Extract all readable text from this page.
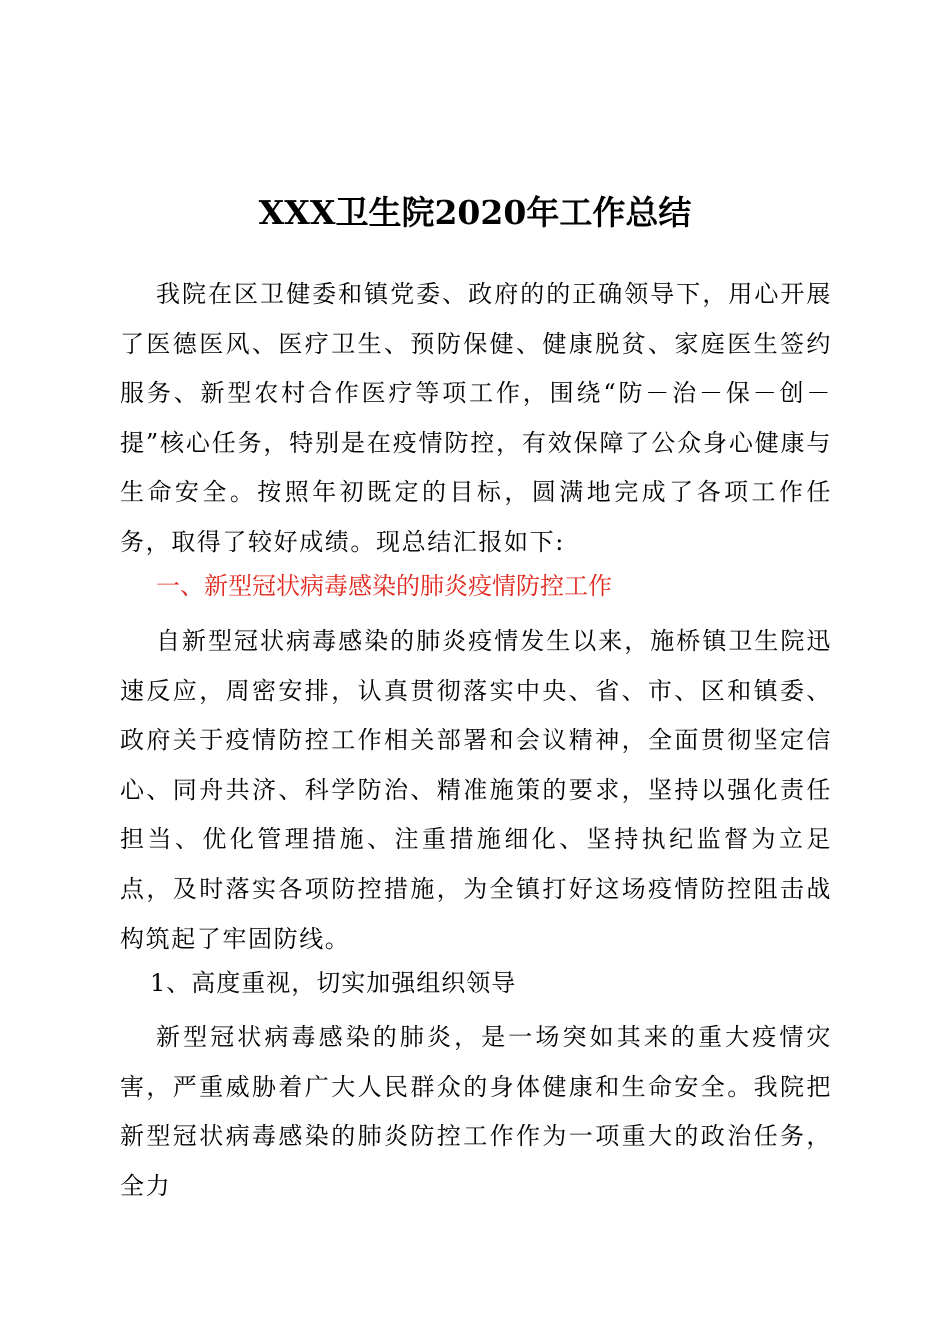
XXX卫生院2020年工作总结

我院在区卫健委和镇党委、政府的的正确领导下，用心开展了医德医风、医疗卫生、预防保健、健康脱贫、家庭医生签约服务、新型农村合作医疗等项工作，围绕“防－治－保－创－提”核心任务，特别是在疫情防控，有效保障了公众身心健康与生命安全。按照年初既定的目标，圆满地完成了各项工作任务，取得了较好成绩。现总结汇报如下:

一、新型冠状病毒感染的肺炎疫情防控工作

自新型冠状病毒感染的肺炎疫情发生以来，施桥镇卫生院迅速反应，周密安排，认真贯彻落实中央、省、市、区和镇委、政府关于疫情防控工作相关部署和会议精神，全面贯彻坚定信心、同舟共济、科学防治、精准施策的要求，坚持以强化责任担当、优化管理措施、注重措施细化、坚持执纪监督为立足点，及时落实各项防控措施，为全镇打好这场疫情防控阻击战构筑起了牢固防线。

1、高度重视，切实加强组织领导

新型冠状病毒感染的肺炎，是一场突如其来的重大疫情灾害，严重威胁着广大人民群众的身体健康和生命安全。我院把新型冠状病毒感染的肺炎防控工作作为一项重大的政治任务，全力
